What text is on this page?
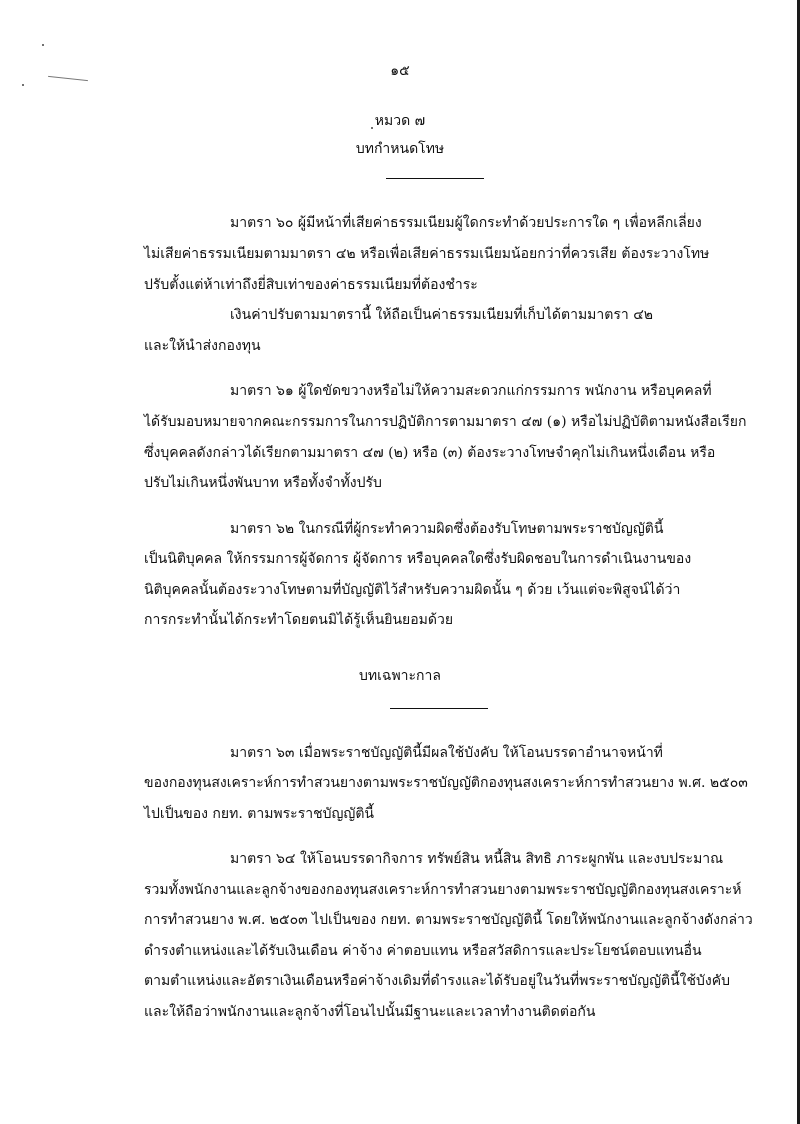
๑๕

หมวด ๗

บทกำหนดโทษ

มาตรา ๖๐ ผู้มีหน้าที่เสียค่าธรรมเนียมผู้ใดกระทำด้วยประการใด ๆ เพื่อหลีกเลี่ยง

ไม่เสียค่าธรรมเนียมตามมาตรา ๔๒ หรือเพื่อเสียค่าธรรมเนียมน้อยกว่าที่ควรเสีย ต้องระวางโทษ

ปรับตั้งแต่ห้าเท่าถึงยี่สิบเท่าของค่าธรรมเนียมที่ต้องชำระ

เงินค่าปรับตามมาตรานี้ ให้ถือเป็นค่าธรรมเนียมที่เก็บได้ตามมาตรา ๔๒

และให้นำส่งกองทุน

มาตรา ๖๑ ผู้ใดขัดขวางหรือไม่ให้ความสะดวกแก่กรรมการ พนักงาน หรือบุคคลที่

ได้รับมอบหมายจากคณะกรรมการในการปฏิบัติการตามมาตรา ๔๗ (๑) หรือไม่ปฏิบัติตามหนังสือเรียก

ซึ่งบุคคลดังกล่าวได้เรียกตามมาตรา ๔๗ (๒) หรือ (๓) ต้องระวางโทษจำคุกไม่เกินหนึ่งเดือน หรือ

ปรับไม่เกินหนึ่งพันบาท หรือทั้งจำทั้งปรับ

มาตรา ๖๒ ในกรณีที่ผู้กระทำความผิดซึ่งต้องรับโทษตามพระราชบัญญัตินี้

เป็นนิติบุคคล ให้กรรมการผู้จัดการ ผู้จัดการ หรือบุคคลใดซึ่งรับผิดชอบในการดำเนินงานของ

นิติบุคคลนั้นต้องระวางโทษตามที่บัญญัติไว้สำหรับความผิดนั้น ๆ ด้วย เว้นแต่จะพิสูจน์ได้ว่า

การกระทำนั้นได้กระทำโดยตนมิได้รู้เห็นยินยอมด้วย

บทเฉพาะกาล

มาตรา ๖๓ เมื่อพระราชบัญญัตินี้มีผลใช้บังคับ ให้โอนบรรดาอำนาจหน้าที่

ของกองทุนสงเคราะห์การทำสวนยางตามพระราชบัญญัติกองทุนสงเคราะห์การทำสวนยาง พ.ศ. ๒๕๐๓

ไปเป็นของ กยท. ตามพระราชบัญญัตินี้

มาตรา ๖๔ ให้โอนบรรดากิจการ ทรัพย์สิน หนี้สิน สิทธิ ภาระผูกพัน และงบประมาณ

รวมทั้งพนักงานและลูกจ้างของกองทุนสงเคราะห์การทำสวนยางตามพระราชบัญญัติกองทุนสงเคราะห์

การทำสวนยาง พ.ศ. ๒๕๐๓ ไปเป็นของ กยท. ตามพระราชบัญญัตินี้ โดยให้พนักงานและลูกจ้างดังกล่าว

ดำรงตำแหน่งและได้รับเงินเดือน ค่าจ้าง ค่าตอบแทน หรือสวัสดิการและประโยชน์ตอบแทนอื่น

ตามตำแหน่งและอัตราเงินเดือนหรือค่าจ้างเดิมที่ดำรงและได้รับอยู่ในวันที่พระราชบัญญัตินี้ใช้บังคับ

และให้ถือว่าพนักงานและลูกจ้างที่โอนไปนั้นมีฐานะและเวลาทำงานติดต่อกัน
